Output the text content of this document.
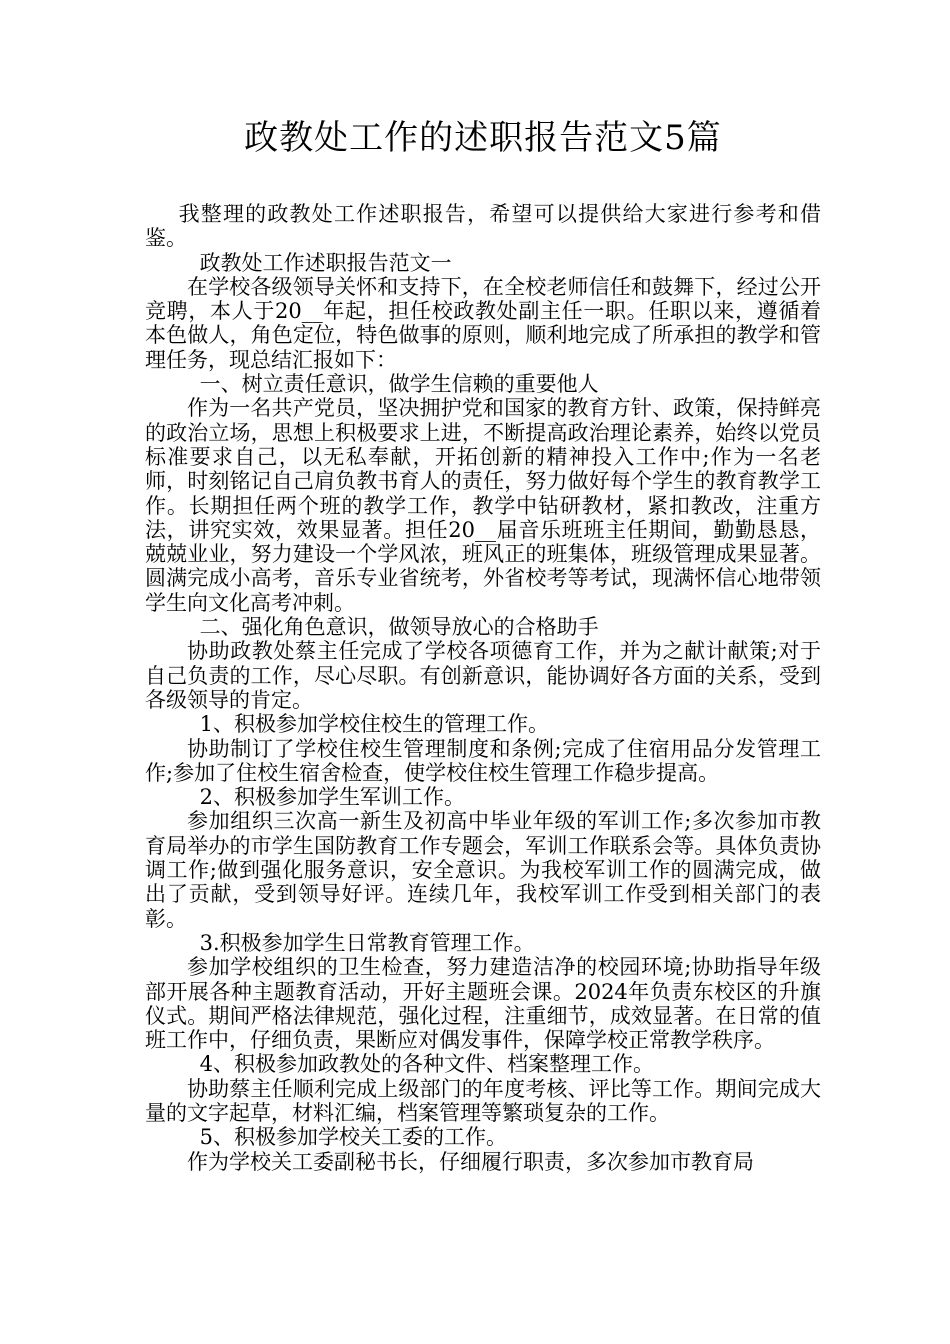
政教处工作的述职报告范文5篇

我整理的政教处工作述职报告，希望可以提供给大家进行参考和借鉴。

政教处工作述职报告范文一

在学校各级领导关怀和支持下，在全校老师信任和鼓舞下，经过公开竞聘，本人于20__年起，担任校政教处副主任一职。任职以来，遵循着本色做人，角色定位，特色做事的原则，顺利地完成了所承担的教学和管理任务，现总结汇报如下：

一、树立责任意识，做学生信赖的重要他人

作为一名共产党员，坚决拥护党和国家的教育方针、政策，保持鲜亮的政治立场，思想上积极要求上进，不断提高政治理论素养，始终以党员标准要求自己，以无私奉献，开拓创新的精神投入工作中;作为一名老师，时刻铭记自己肩负教书育人的责任，努力做好每个学生的教育教学工作。长期担任两个班的教学工作，教学中钻研教材，紧扣教改，注重方法，讲究实效，效果显著。担任20__届音乐班班主任期间，勤勤恳恳，兢兢业业，努力建设一个学风浓，班风正的班集体，班级管理成果显著。圆满完成小高考，音乐专业省统考，外省校考等考试，现满怀信心地带领学生向文化高考冲刺。

二、强化角色意识，做领导放心的合格助手

协助政教处蔡主任完成了学校各项德育工作，并为之献计献策;对于自己负责的工作，尽心尽职。有创新意识，能协调好各方面的关系，受到各级领导的肯定。

1、积极参加学校住校生的管理工作。

协助制订了学校住校生管理制度和条例;完成了住宿用品分发管理工作;参加了住校生宿舍检查，使学校住校生管理工作稳步提高。

2、积极参加学生军训工作。

参加组织三次高一新生及初高中毕业年级的军训工作;多次参加市教育局举办的市学生国防教育工作专题会，军训工作联系会等。具体负责协调工作;做到强化服务意识，安全意识。为我校军训工作的圆满完成，做出了贡献，受到领导好评。连续几年，我校军训工作受到相关部门的表彰。

3.积极参加学生日常教育管理工作。

参加学校组织的卫生检查，努力建造洁净的校园环境;协助指导年级部开展各种主题教育活动，开好主题班会课。2024年负责东校区的升旗仪式。期间严格法律规范，强化过程，注重细节，成效显著。在日常的值班工作中，仔细负责，果断应对偶发事件，保障学校正常教学秩序。

4、积极参加政教处的各种文件、档案整理工作。

协助蔡主任顺利完成上级部门的年度考核、评比等工作。期间完成大量的文字起草，材料汇编，档案管理等繁琐复杂的工作。

5、积极参加学校关工委的工作。

作为学校关工委副秘书长，仔细履行职责，多次参加市教育局
